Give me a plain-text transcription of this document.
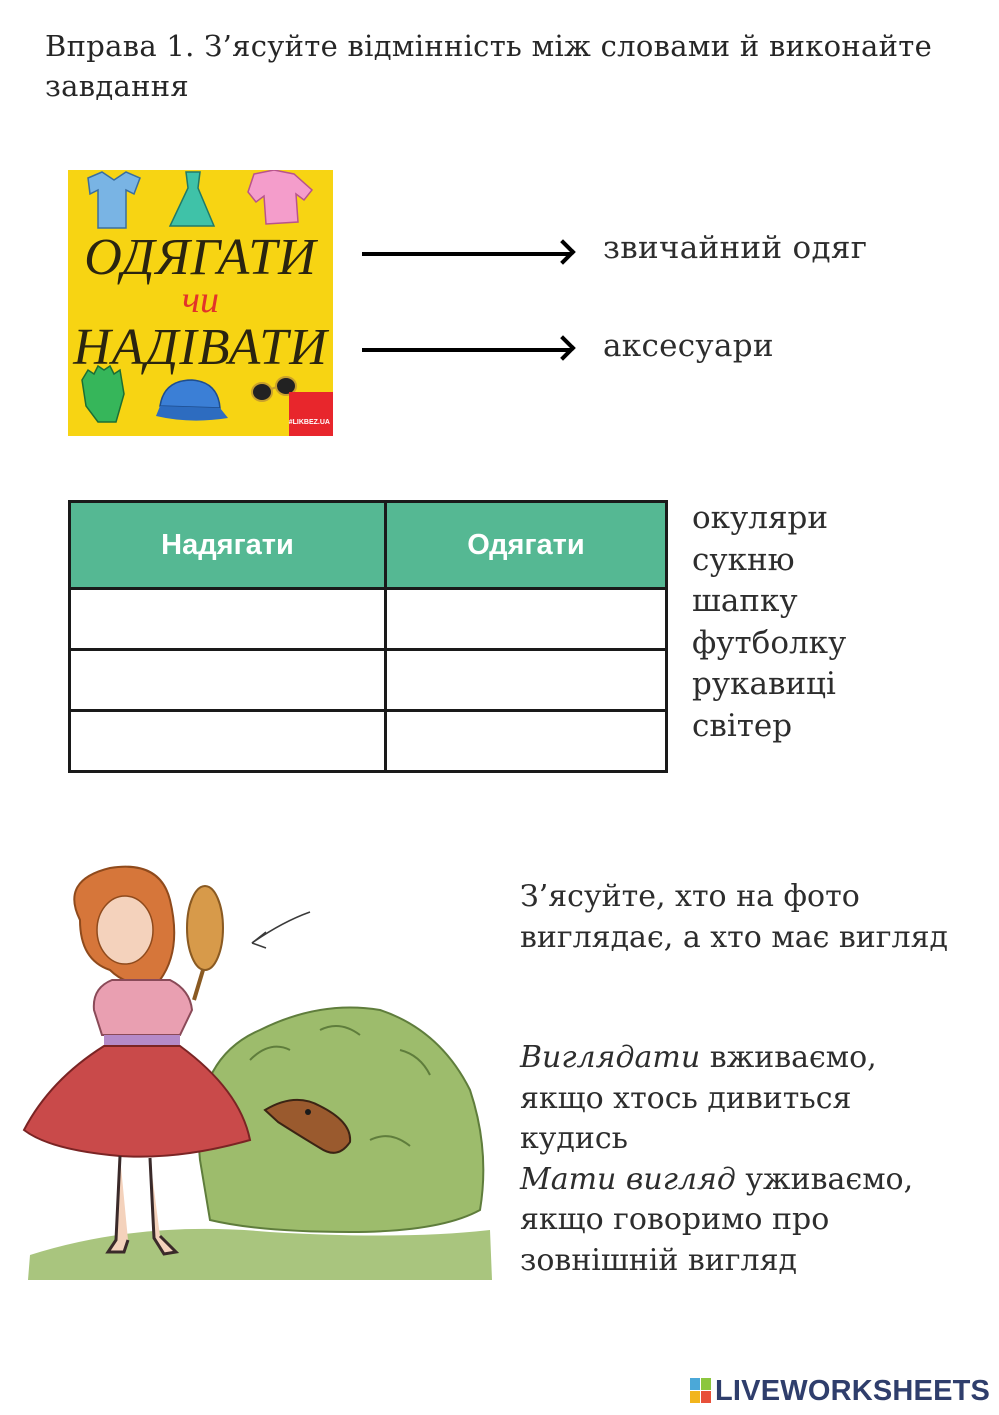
Вправа 1. З’ясуйте відмінність між словами й виконайте завдання
ОДЯГАТИ
чи
НАДІВАТИ
#LIKBEZ.UA
звичайний одяг
аксесуари
Надягати	Одягати

окуляри
сукню
шапку
футболку
рукавиці
світер
З’ясуйте, хто на фото
виглядає, а хто має вигляд
Виглядати вживаємо,
якщо хтось дивиться
кудись
Мати вигляд уживаємо,
якщо говоримо про
зовнішній вигляд
LIVEWORKSHEETS
